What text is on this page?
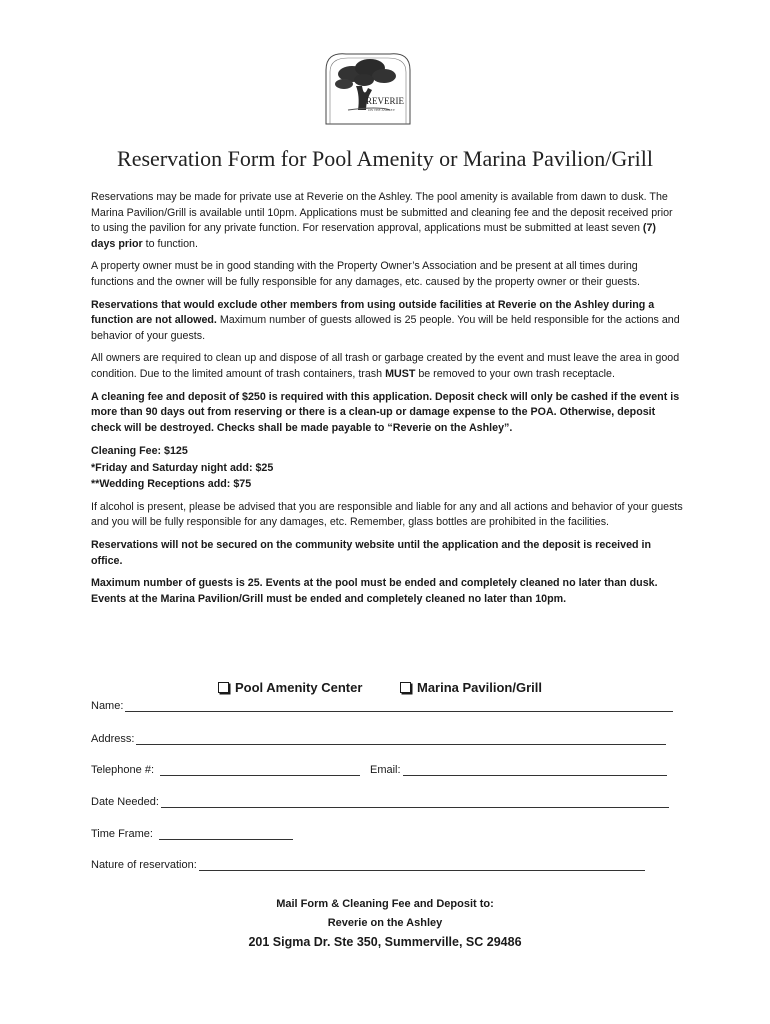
REVERIE
ON THE ASHLEY
Reservation Form for Pool Amenity or Marina Pavilion/Grill

Reservations may be made for private use at Reverie on the Ashley. The pool amenity is available from dawn to dusk. The Marina Pavilion/Grill is available until 10pm. Applications must be submitted and cleaning fee and the deposit received prior to using the pavilion for any private function. For reservation approval, applications must be submitted at least seven (7) days prior to function.

A property owner must be in good standing with the Property Owner’s Association and be present at all times during functions and the owner will be fully responsible for any damages, etc. caused by the property owner or their guests.

Reservations that would exclude other members from using outside facilities at Reverie on the Ashley during a function are not allowed. Maximum number of guests allowed is 25 people. You will be held responsible for the actions and behavior of your guests.

All owners are required to clean up and dispose of all trash or garbage created by the event and must leave the area in good condition. Due to the limited amount of trash containers, trash MUST be removed to your own trash receptacle.

A cleaning fee and deposit of $250 is required with this application. Deposit check will only be cashed if the event is more than 90 days out from reserving or there is a clean-up or damage expense to the POA. Otherwise, deposit check will be destroyed. Checks shall be made payable to “Reverie on the Ashley”.

Cleaning Fee: $125
*Friday and Saturday night add: $25
**Wedding Receptions add: $75

If alcohol is present, please be advised that you are responsible and liable for any and all actions and behavior of your guests and you will be fully responsible for any damages, etc. Remember, glass bottles are prohibited in the facilities.

Reservations will not be secured on the community website until the application and the deposit is received in office.

Maximum number of guests is 25. Events at the pool must be ended and completely cleaned no later than dusk. Events at the Marina Pavilion/Grill must be ended and completely cleaned no later than 10pm.

Pool Amenity Center	Marina Pavilion/Grill
Name:
Address:
Telephone #:	Email:
Date Needed:
Time Frame:
Nature of reservation:
Mail Form & Cleaning Fee and Deposit to:
Reverie on the Ashley
201 Sigma Dr. Ste 350, Summerville, SC 29486
